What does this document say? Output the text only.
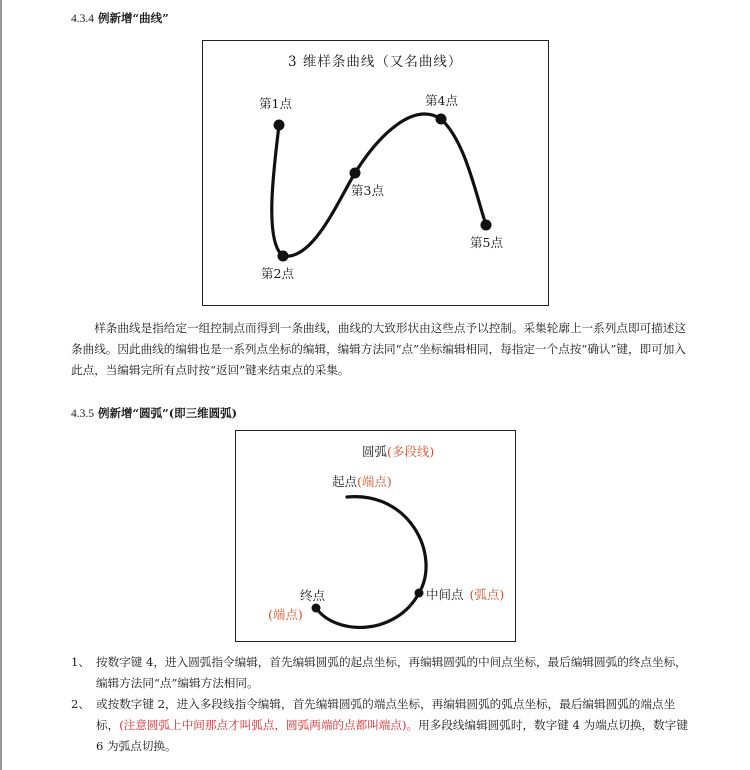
4.3.4 例新增“曲线”
3 维样条曲线（又名曲线）
第1点
第2点
第3点
第4点
第5点

样条曲线是指给定一组控制点而得到一条曲线，曲线的大致形状由这些点予以控制。采集轮廓上一系列点即可描述这条曲线。因此曲线的编辑也是一系列点坐标的编辑，编辑方法同“点”坐标编辑相同，每指定一个点按“确认”键，即可加入此点，当编辑完所有点时按“返回”键来结束点的采集。

4.3.5 例新增“圆弧”(即三维圆弧)
圆弧(多段线)
起点(端点)
中间点 (弧点)
终点
(端点)
1、 按数字键 4，进入圆弧指令编辑，首先编辑圆弧的起点坐标，再编辑圆弧的中间点坐标，最后编辑圆弧的终点坐标，编辑方法同“点”编辑方法相同。
2、 或按数字键 2，进入多段线指令编辑，首先编辑圆弧的端点坐标，再编辑圆弧的弧点坐标，最后编辑圆弧的端点坐标，(注意圆弧上中间那点才叫弧点，圆弧两端的点都叫端点)。用多段线编辑圆弧时，数字键 4 为端点切换，数字键 6 为弧点切换。
